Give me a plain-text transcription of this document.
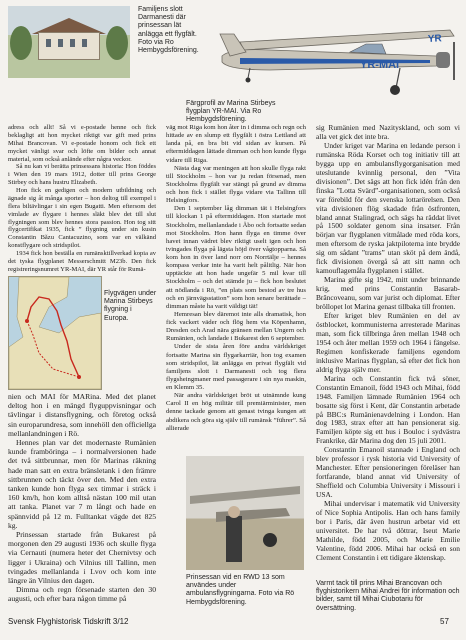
Familjens slott Darmanesti där prinsessan lät anlägga ett flygfält. Foto via Ro Hembygdsförening.
YR-MAI
YR
Färgprofil av Marina Stirbeys flygplan YR-MAI. Via Ro Hembygdsförening.

adress och allt! Så vi e-postade henne och fick beklagligt att hon mycket riktigt var gift med prins Mihai Brancovan. Vi e-postade honom och fick ett mycket vänligt svar och löfte om bilder och annat material, som också anlände efter några veckor.

Så nu kan vi berätta prinsessans historia: Hon föddes i Wien den 19 mars 1912, dotter till prins George Stirbey och hans hustru Elizabeth.

Hon fick en gedigen och modern utbildning och ägnade sig åt många sporter – hon deltog till exempel i flera biltävlingar i sin egen Bugatti. Men eftersom det vimlade av flygare i hennes släkt blev det till slut flygningen som blev hennes stora passion. Hon tog sitt flygcertifikat 1935, fick ” flygning under sin kusin Constantin Băzu Cantacuzino, som var en välkänd konstflygare och stridspilot.

1934 fick hon beställa en rumänsktillverkad kopia av det tyska flygplanet Messerschmitt M23b. Den fick registreringsnumret YR-MAI, där YR står för Rumä-

Flygvägen under Marina Stirbeys flygning i Europa.

nien och MAI för MARina. Med det planet deltog hon i en mängd flyguppvisningar och tävlingar i distansflygning, och företog också sin europarundresa, som innehöll den officiellga mellanlandningen i Rö.

Hennes plan var det modernaste Rumänien kunde framböringa – i normalversionen hade det två sittbrunnar, men för Marinas räkning hade man satt en extra bränsletank i den främre sittbrunnen och täckt över den. Med den extra tanken kunde hon flyga sex timmar i sträck i 160 km/h, hon kom alltså nästan 100 mil utan att tanka. Planet var 7 m långt och hade en spännvidd på 12 m. Fulltankat vägde det 825 kg.

Prinsessan startade från Bukarest på morgonen den 29 augusti 1936 och skulle flyga via Cernauti (numera heter det Chernivtsy och ligger i Ukraina) och Vilnius till Tallinn, men tvingades mellanlanda i Lvov och kom inte längre än Vilnius den dagen.

Dimma och regn försenade starten den 30 augusti, och efter bara någon timme på

väg mot Riga kom hon åter in i dimma och regn och hittade av en slump ett flygfält i östra Lettland att landa på, en bra bit vid sidan av kursen. På eftermiddagen lättade dimman och hon kunde flyga vidare till Riga.

Nästa dag var meningen att hon skulle flyga rakt till Stockholm – hon var ju redan försenad, men Stockholms flygfält var stängt på grund av dimma och hon fick i stället flyga vidare via Tallinn till Helsingfors.

Den 1 september låg dimman tät i Helsingfors till klockan 1 på eftermiddagen. Hon startade mot Stockholm, mellanlandade i Åbo och fortsatte sedan mot Stockholm. Hon hann flyga en timme över havet innan vädret blev riktigt uselt igen och hon tvingades flyga på lägsta höjd över vågtopparna. Så kom hon in över land norr om Norrtälje – hennes kompass verkar inte ha varit helt pålitlig. När hon upptäckte att hon hade ungefär 5 mil kvar till Stockholm – och det stämde ju – fick hon beslutet att nödlanda i Rö, ”en plats som bestod av tre hus och en järnvägsstation” som hon senare berättade – dimman måste ha varit väldigt tät!

Hemresan blev däremot inte alls dramatisk, hon fick vackert väder och flög hem via Köpenhamn, Dresden och Arad nära gränsen mellan Ungern och Rumänien, och landade i Bukarest den 6 september.

Under de sista åren före andra världskriget fortsatte Marina sin flygarkarriär, hon tog examen som stridspilot, lät anlägga en privat flygfält vid familjens slott i Darmanesti och tog flera flygsheingmaner med passagerare i sin nya maskin, en Klemm 35.

När andra världskriget bröt ut utnämnde kung Carol II en hög militär till premiärminister, men denne tackade genom att genast tvinga kungen att abdikera och göra sig själv till rumänsk ”führer”. Så allierade

Prinsessan vid en RWD 13 som användes under ambulansflygningarna. Foto via Rö Hembygdsförening.

sig Rumänien med Nazityskland, och som vi alla vet gick det inte bra.

Under kriget var Marina en ledande person i rumänska Röda Korset och tog initiativ till att bygga upp en ambulansflygorganisation med uteslutande kvinnlig personal, den ”Vita divisionen”. Det sägs att hon fick idén från den finska ”Lotta Svärd”-organisationen, som också var förebild för den svenska lottarörelsen. Den vita divisionen flög skadade från östfronten, bland annat Stalingrad, och sägs ha räddat livet på 1500 soldater genom sina insatser. Från början var flygplanen vitmålade med röda kors, men eftersom de ryska jaktpiloterna inte brydde sig om sådant ”trams” utan sköt på dem ändå, fick divisionen övergå så att sitt namn och kamouflagemåla flygplanen i stället.

Marina gifte sig 1942, mitt under brinnande krig, med prins Constantin Basarab-Brâncoveanu, som var jurist och diplomat. Efter bröllopet lot Marina genast tillbaka till fronten.

Efter kriget blev Rumänien en del av östblocket, kommunisterna arresterade Marinas man, som fick tillbringa åren mellan 1948 och 1954 och åter mellan 1959 och 1964 i fängelse. Regimen konfiskerade familjens egendom inklusive Marinas flygplan, så efter det fick hon aldrig flyga själv mer.

Marina och Constantin fick två söner, Constantin Emanoil, född 1943 och Mihai, född 1948. Familjen lämnade Rumänien 1964 och bosatte sig först i Kent, där Constantin arbetade på BBC:s Rumänienavdelning i London. Han dog 1983, strax efter att han pensionerat sig. Familjen köpte sig ett hus i Bouloc i sydvästra Frankrike, där Marina dog den 15 juli 2001.

Constantin Emanoil stannade i England och blev professor i rysk historia vid University of Manchester. Efter pensioneringen föreläser han fortfarande, bland annat vid University of Sheffield och Columbia University i Missouri i USA.

Mihai undervisar i matematik vid University of Nice Sophia Antipolis. Han och hans family bor i Paris, där även hustrun arbetar vid ett universitet. De har två döttrar, Iseut Marie Mathilde, född 2005, och Marie Emilie Valentine, född 2006. Mihai har också en son Clement Constantin i ett tidigare äktenskap.

Varmt tack till prins Mihai Brancovan och flyghistorikern Mihai Andrei för information och bilder, samt till Mihai Ciubotariu för översättning.
Svensk Flyghistorisk Tidskrift 3/12	57
